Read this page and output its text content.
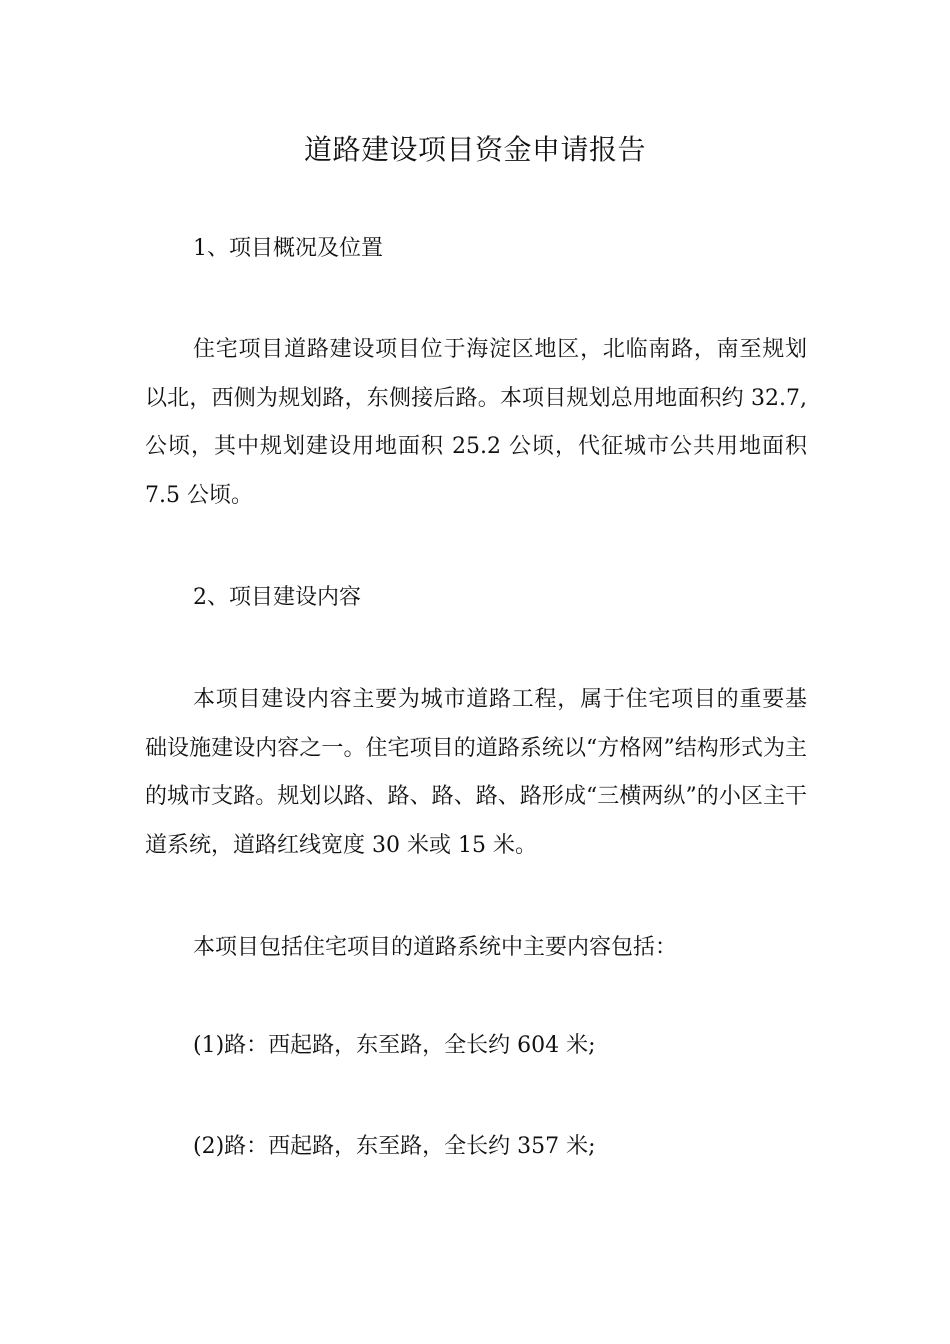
道路建设项目资金申请报告
1、项目概况及位置
住宅项目道路建设项目位于海淀区地区，北临南路，南至规划以北，西侧为规划路，东侧接后路。本项目规划总用地面积约 32.7,公顷，其中规划建设用地面积 25.2 公顷，代征城市公共用地面积 7.5 公顷。
2、项目建设内容
本项目建设内容主要为城市道路工程，属于住宅项目的重要基础设施建设内容之一。住宅项目的道路系统以“方格网”结构形式为主的城市支路。规划以路、路、路、路、路形成“三横两纵”的小区主干道系统，道路红线宽度 30 米或 15 米。
本项目包括住宅项目的道路系统中主要内容包括：
(1)路：西起路，东至路，全长约 604 米;
(2)路：西起路，东至路，全长约 357 米;
